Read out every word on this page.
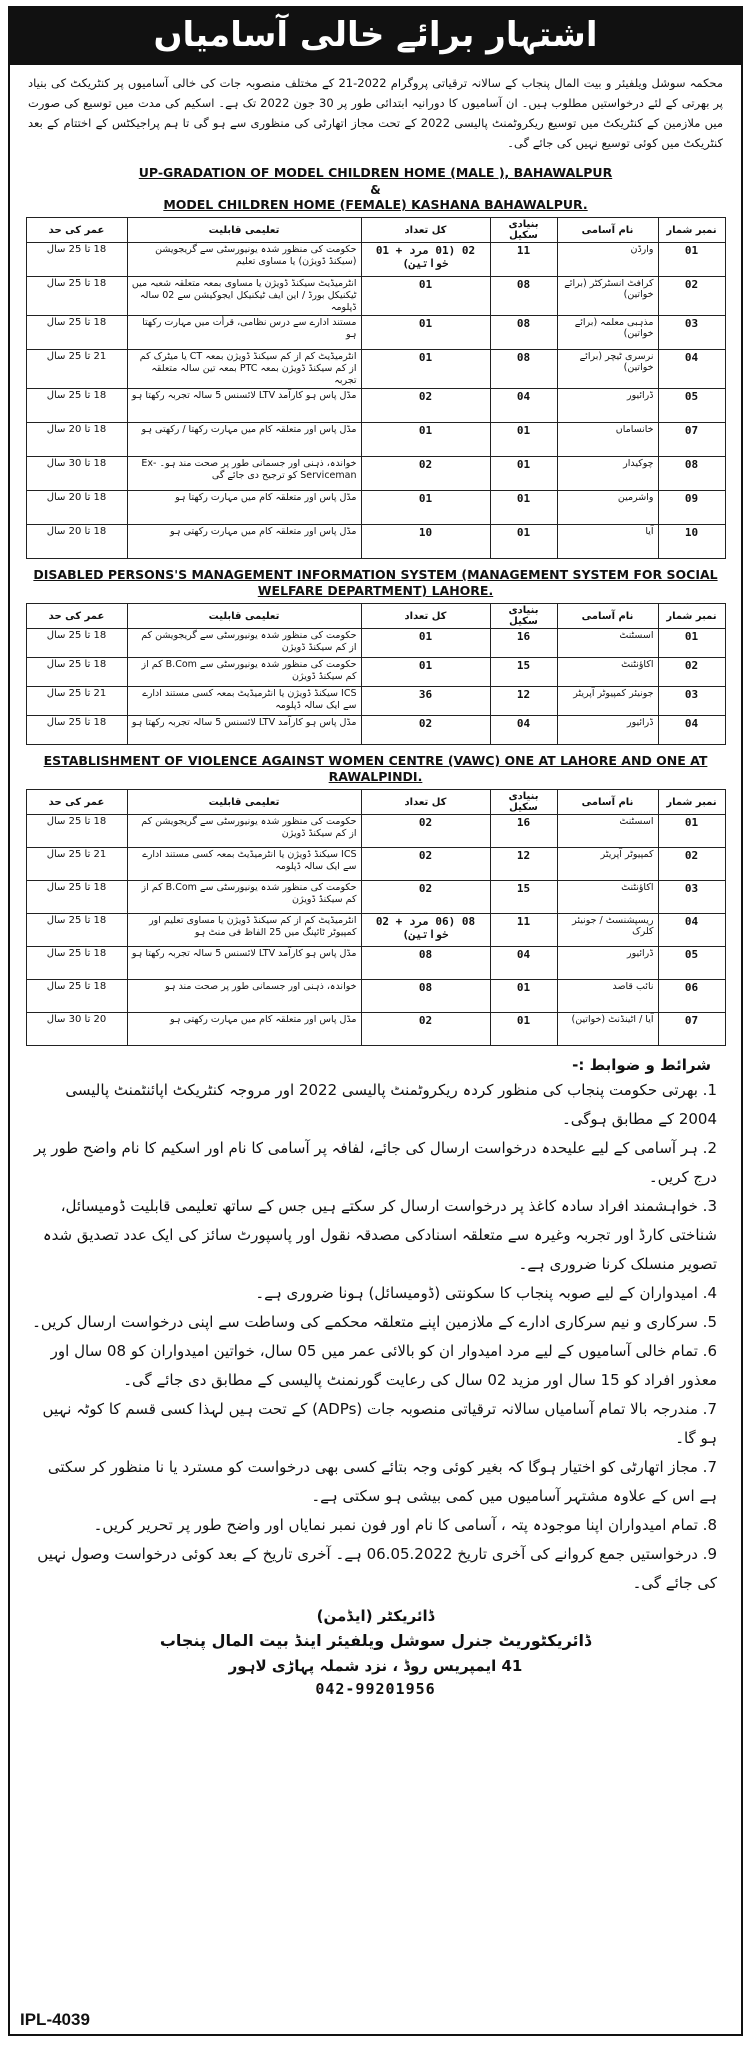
اشتہار برائے خالی آسامیاں
محکمہ سوشل ویلفیئر و بیت المال پنجاب کے سالانہ ترقیاتی پروگرام 2022-21 کے مختلف منصوبہ جات کی خالی آسامیوں پر کنٹریکٹ کی بنیاد پر بھرتی کے لئے درخواستیں مطلوب ہیں۔ ان آسامیوں کا دورانیہ ابتدائی طور پر 30 جون 2022 تک ہے۔ اسکیم کی مدت میں توسیع کی صورت میں ملازمین کے کنٹریکٹ میں توسیع ریکروٹمنٹ پالیسی 2022 کے تحت مجاز اتھارٹی کی منظوری سے ہو گی تا ہم پراجیکٹس کے اختتام کے بعد کنٹریکٹ میں کوئی توسیع نہیں کی جائے گی۔
UP-GRADATION OF MODEL CHILDREN HOME (MALE ), BAHAWALPUR
&
MODEL CHILDREN HOME (FEMALE) KASHANA BAHAWALPUR.
نمبر شمار	نام آسامی	بنیادی سکیل	کل تعداد	تعلیمی قابلیت	عمر کی حد
01	وارڈن	11	02 (01 مرد + 01 خواتین)	حکومت کی منظور شدہ یونیورسٹی سے گریجویشن (سیکنڈ ڈویژن) یا مساوی تعلیم	18 تا 25 سال
02	کرافٹ انسٹرکٹر (برائے خواتین)	08	01	انٹرمیڈیٹ سیکنڈ ڈویژن یا مساوی بمعہ متعلقہ شعبہ میں ٹیکنیکل بورڈ / این ایف ٹیکنیکل ایجوکیشن سے 02 سالہ ڈپلومہ	18 تا 25 سال
03	مذہبی معلمہ (برائے خواتین)	08	01	مستند ادارے سے درس نظامی، قرأت میں مہارت رکھتا ہو	18 تا 25 سال
04	نرسری ٹیچر (برائے خواتین)	08	01	انٹرمیڈیٹ کم از کم سیکنڈ ڈویژن بمعہ CT یا میٹرک کم از کم سیکنڈ ڈویژن بمعہ PTC بمعہ تین سالہ متعلقہ تجربہ	21 تا 25 سال
05	ڈرائیور	04	02	مڈل پاس ہو کارآمد LTV لائسنس 5 سالہ تجربہ رکھتا ہو	18 تا 25 سال
07	خانساماں	01	01	مڈل پاس اور متعلقہ کام میں مہارت رکھتا / رکھتی ہو	18 تا 20 سال
08	چوکیدار	01	02	خواندہ، ذہنی اور جسمانی طور پر صحت مند ہو۔ Ex-Serviceman کو ترجیح دی جائے گی	18 تا 30 سال
09	واشرمین	01	01	مڈل پاس اور متعلقہ کام میں مہارت رکھتا ہو	18 تا 20 سال
10	آیا	01	10	مڈل پاس اور متعلقہ کام میں مہارت رکھتی ہو	18 تا 20 سال
DISABLED PERSONS'S MANAGEMENT INFORMATION SYSTEM (MANAGEMENT SYSTEM FOR SOCIAL WELFARE DEPARTMENT) LAHORE.
نمبر شمار	نام آسامی	بنیادی سکیل	کل تعداد	تعلیمی قابلیت	عمر کی حد
01	اسسٹنٹ	16	01	حکومت کی منظور شدہ یونیورسٹی سے گریجویشن کم از کم سیکنڈ ڈویژن	18 تا 25 سال
02	اکاؤنٹنٹ	15	01	حکومت کی منظور شدہ یونیورسٹی سے B.Com کم از کم سیکنڈ ڈویژن	18 تا 25 سال
03	جونیئر کمپیوٹر آپریٹر	12	36	ICS سیکنڈ ڈویژن یا انٹرمیڈیٹ بمعہ کسی مستند ادارے سے ایک سالہ ڈپلومہ	21 تا 25 سال
04	ڈرائیور	04	02	مڈل پاس ہو کارآمد LTV لائسنس 5 سالہ تجربہ رکھتا ہو	18 تا 25 سال
ESTABLISHMENT OF VIOLENCE AGAINST WOMEN CENTRE (VAWC) ONE AT LAHORE AND ONE AT RAWALPINDI.
نمبر شمار	نام آسامی	بنیادی سکیل	کل تعداد	تعلیمی قابلیت	عمر کی حد
01	اسسٹنٹ	16	02	حکومت کی منظور شدہ یونیورسٹی سے گریجویشن کم از کم سیکنڈ ڈویژن	18 تا 25 سال
02	کمپیوٹر آپریٹر	12	02	ICS سیکنڈ ڈویژن یا انٹرمیڈیٹ بمعہ کسی مستند ادارے سے ایک سالہ ڈپلومہ	21 تا 25 سال
03	اکاؤنٹنٹ	15	02	حکومت کی منظور شدہ یونیورسٹی سے B.Com کم از کم سیکنڈ ڈویژن	18 تا 25 سال
04	ریسپشنسٹ / جونیئر کلرک	11	08 (06 مرد + 02 خواتین)	انٹرمیڈیٹ کم از کم سیکنڈ ڈویژن یا مساوی تعلیم اور کمپیوٹر ٹائپنگ میں 25 الفاظ فی منٹ ہو	18 تا 25 سال
05	ڈرائیور	04	08	مڈل پاس ہو کارآمد LTV لائسنس 5 سالہ تجربہ رکھتا ہو	18 تا 25 سال
06	نائب قاصد	01	08	خواندہ، ذہنی اور جسمانی طور پر صحت مند ہو	18 تا 25 سال
07	آیا / اٹینڈنٹ (خواتین)	01	02	مڈل پاس اور متعلقہ کام میں مہارت رکھتی ہو	20 تا 30 سال
شرائط و ضوابط :-
1. بھرتی حکومت پنجاب کی منظور کردہ ریکروٹمنٹ پالیسی 2022 اور مروجہ کنٹریکٹ اپائنٹمنٹ پالیسی 2004 کے مطابق ہوگی۔
2. ہر آسامی کے لیے علیحدہ درخواست ارسال کی جائے، لفافہ پر آسامی کا نام اور اسکیم کا نام واضح طور پر درج کریں۔
3. خواہشمند افراد سادہ کاغذ پر درخواست ارسال کر سکتے ہیں جس کے ساتھ تعلیمی قابلیت ڈومیسائل، شناختی کارڈ اور تجربہ وغیرہ سے متعلقہ اسنادکی مصدقہ نقول اور پاسپورٹ سائز کی ایک عدد تصدیق شدہ تصویر منسلک کرنا ضروری ہے۔
4. امیدواران کے لیے صوبہ پنجاب کا سکونتی (ڈومیسائل) ہونا ضروری ہے۔
5. سرکاری و نیم سرکاری ادارے کے ملازمین اپنے متعلقہ محکمے کی وساطت سے اپنی درخواست ارسال کریں۔
6. تمام خالی آسامیوں کے لیے مرد امیدوار ان کو بالائی عمر میں 05 سال، خواتین امیدواران کو 08 سال اور معذور افراد کو 15 سال اور مزید 02 سال کی رعایت گورنمنٹ پالیسی کے مطابق دی جائے گی۔
7. مندرجہ بالا تمام آسامیاں سالانہ ترقیاتی منصوبہ جات (ADPs) کے تحت ہیں لہذا کسی قسم کا کوٹہ نہیں ہو گا۔
7. مجاز اتھارٹی کو اختیار ہوگا کہ بغیر کوئی وجہ بتائے کسی بھی درخواست کو مسترد یا نا منظور کر سکتی ہے اس کے علاوہ مشتہر آسامیوں میں کمی بیشی ہو سکتی ہے۔
8. تمام امیدواران اپنا موجودہ پتہ ، آسامی کا نام اور فون نمبر نمایاں اور واضح طور پر تحریر کریں۔
9. درخواستیں جمع کروانے کی آخری تاریخ 06.05.2022 ہے۔ آخری تاریخ کے بعد کوئی درخواست وصول نہیں کی جائے گی۔
ڈائریکٹر (ایڈمن)
ڈائریکٹوریٹ جنرل سوشل ویلفیئر اینڈ بیت المال پنجاب
41 ایمپریس روڈ ، نزد شملہ پہاڑی لاہور
042-99201956
IPL-4039
